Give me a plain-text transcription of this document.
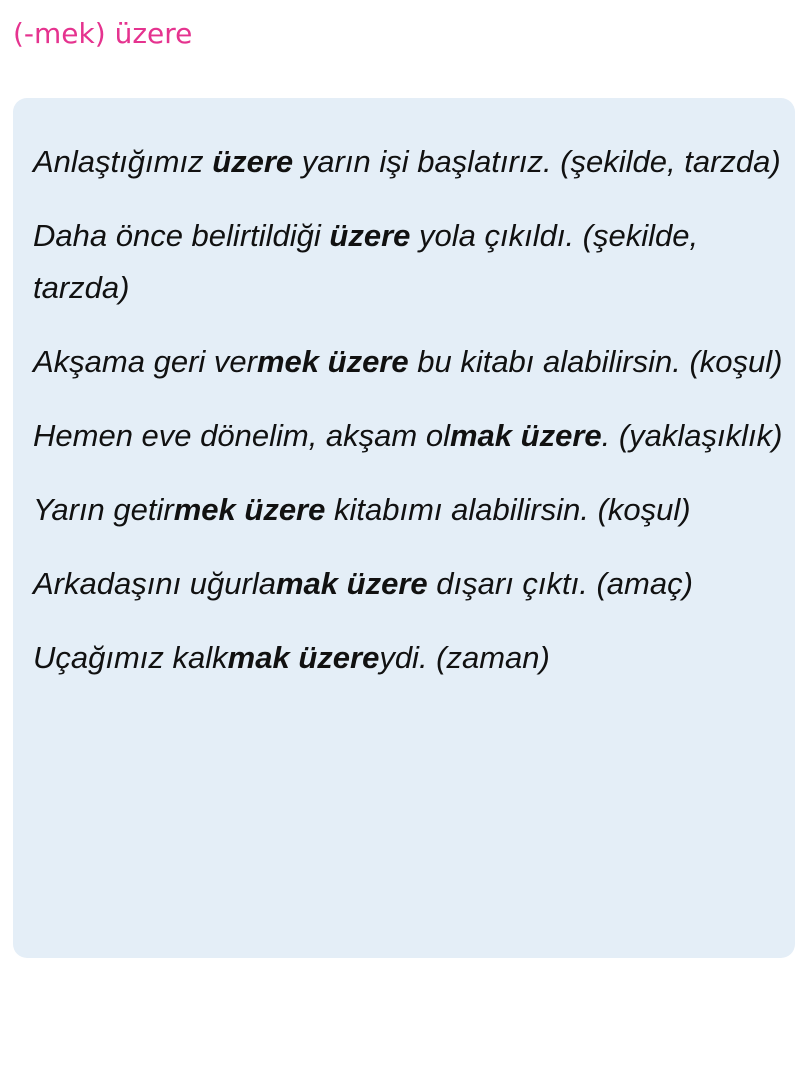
(-mek) üzere

Anlaştığımız üzere yarın işi başlatırız. (şekilde, tarzda)

Daha önce belirtildiği üzere yola çıkıldı. (şekilde, tarzda)

Akşama geri vermek üzere bu kitabı alabilirsin. (koşul)

Hemen eve dönelim, akşam olmak üzere. (yaklaşıklık)

Yarın getirmek üzere kitabımı alabilirsin. (koşul)

Arkadaşını uğurlamak üzere dışarı çıktı. (amaç)

Uçağımız kalkmak üzereydi. (zaman)
